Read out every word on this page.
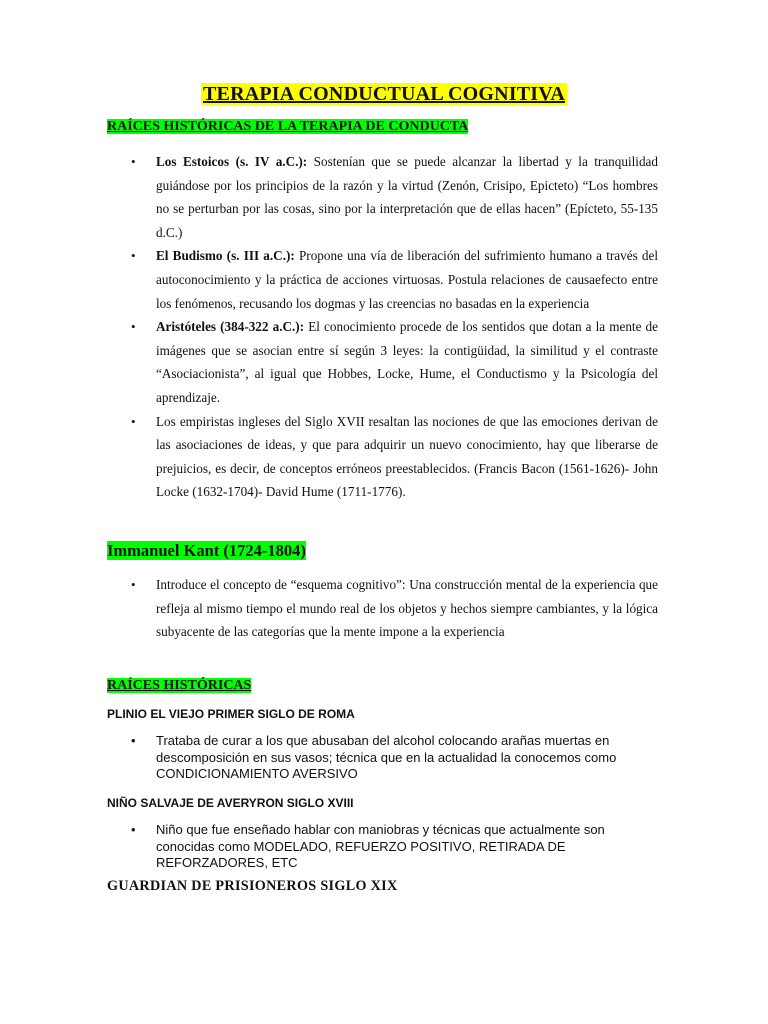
TERAPIA CONDUCTUAL COGNITIVA
RAÍCES HISTÓRICAS DE LA TERAPIA DE CONDUCTA
• Los Estoicos (s. IV a.C.): Sostenían que se puede alcanzar la libertad y la tranquilidad guiándose por los principios de la razón y la virtud (Zenón, Crisipo, Epicteto) “Los hombres no se perturban por las cosas, sino por la interpretación que de ellas hacen” (Epícteto, 55-135 d.C.)
• El Budismo (s. III a.C.): Propone una vía de liberación del sufrimiento humano a través del autoconocimiento y la práctica de acciones virtuosas. Postula relaciones de causaefecto entre los fenómenos, recusando los dogmas y las creencias no basadas en la experiencia
• Aristóteles (384-322 a.C.): El conocimiento procede de los sentidos que dotan a la mente de imágenes que se asocian entre sí según 3 leyes: la contigüidad, la similitud y el contraste “Asociacionista”, al igual que Hobbes, Locke, Hume, el Conductismo y la Psicología del aprendizaje.
• Los empiristas ingleses del Siglo XVII resaltan las nociones de que las emociones derivan de las asociaciones de ideas, y que para adquirir un nuevo conocimiento, hay que liberarse de prejuicios, es decir, de conceptos erróneos preestablecidos. (Francis Bacon (1561-1626)- John Locke (1632-1704)- David Hume (1711-1776).
Immanuel Kant (1724-1804)
• Introduce el concepto de “esquema cognitivo”: Una construcción mental de la experiencia que refleja al mismo tiempo el mundo real de los objetos y hechos siempre cambiantes, y la lógica subyacente de las categorías que la mente impone a la experiencia
RAÍCES HISTÓRICAS
PLINIO EL VIEJO PRIMER SIGLO DE ROMA
• Trataba de curar a los que abusaban del alcohol colocando arañas muertas en descomposición en sus vasos; técnica que en la actualidad la conocemos como CONDICIONAMIENTO AVERSIVO
NIÑO SALVAJE DE AVERYRON SIGLO XVIII
• Niño que fue enseñado hablar con maniobras y técnicas que actualmente son conocidas como MODELADO, REFUERZO POSITIVO, RETIRADA DE REFORZADORES, ETC
GUARDIAN DE PRISIONEROS SIGLO XIX
